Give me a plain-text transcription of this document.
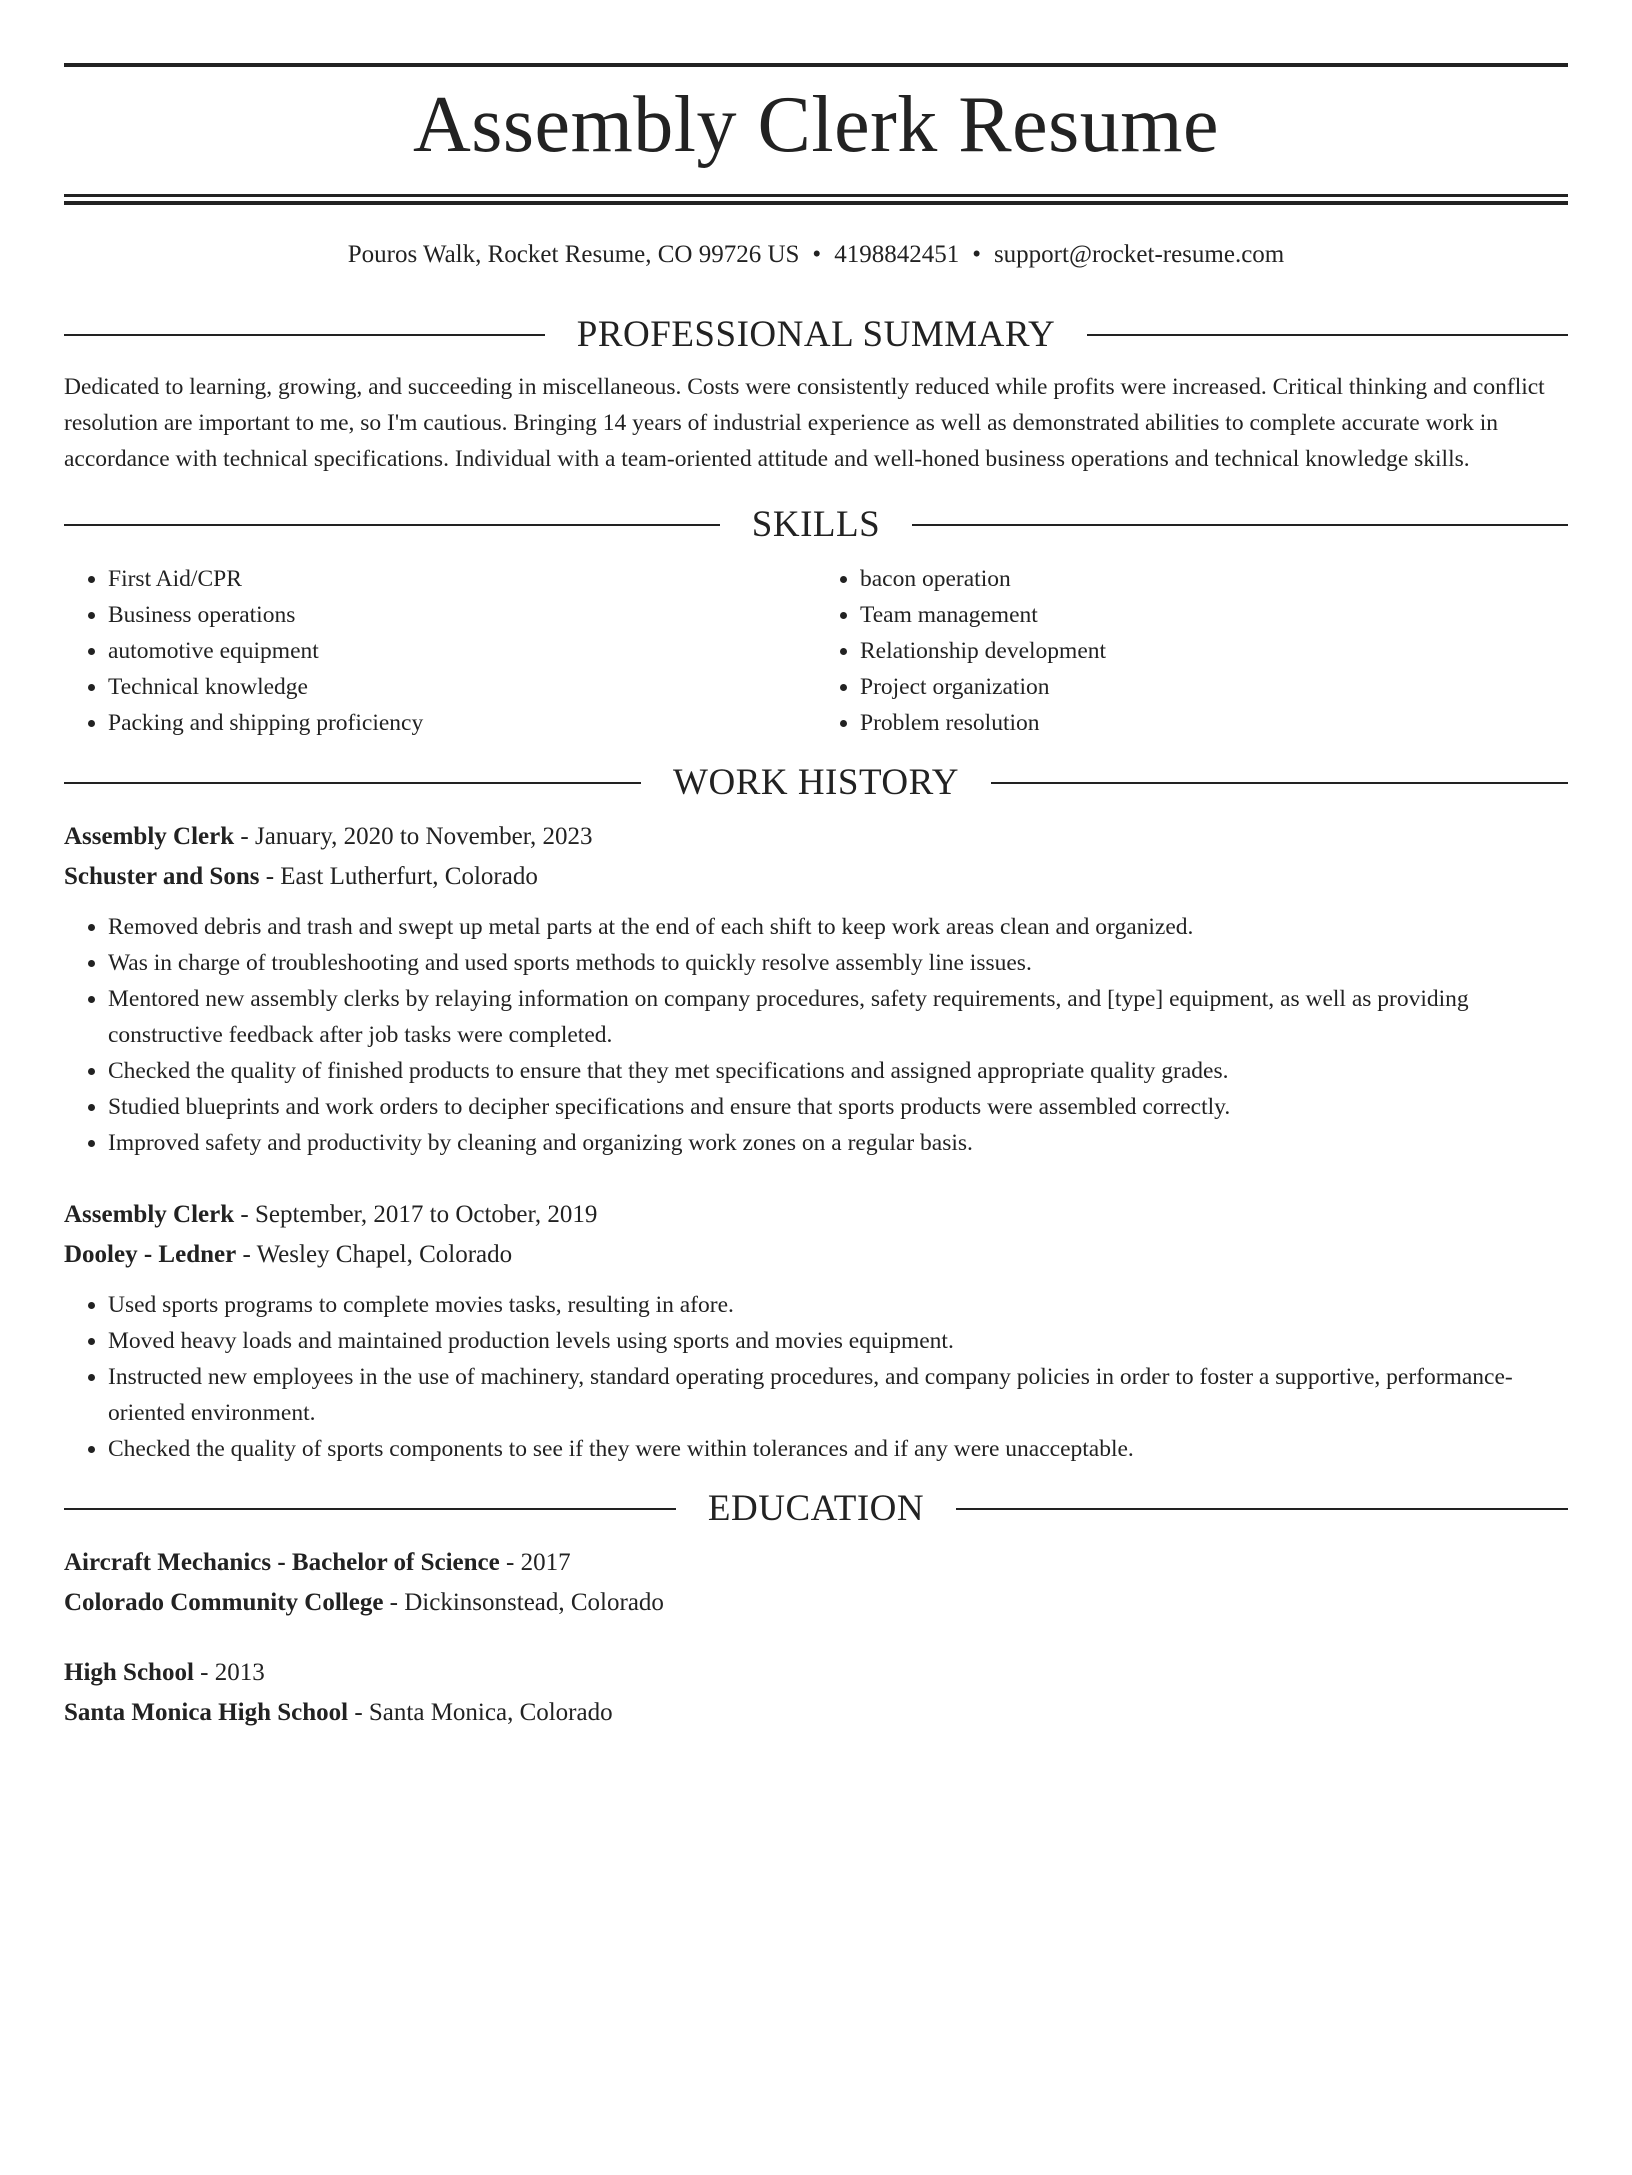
Assembly Clerk Resume
Pouros Walk, Rocket Resume, CO 99726 US • 4198842451 • support@rocket-resume.com
PROFESSIONAL SUMMARY

Dedicated to learning, growing, and succeeding in miscellaneous. Costs were consistently reduced while profits were increased. Critical thinking and conflict resolution are important to me, so I'm cautious. Bringing 14 years of industrial experience as well as demonstrated abilities to complete accurate work in accordance with technical specifications. Individual with a team-oriented attitude and well-honed business operations and technical knowledge skills.

SKILLS
• First Aid/CPR
• Business operations
• automotive equipment
• Technical knowledge
• Packing and shipping proficiency
• bacon operation
• Team management
• Relationship development
• Project organization
• Problem resolution
WORK HISTORY
Assembly Clerk - January, 2020 to November, 2023
Schuster and Sons - East Lutherfurt, Colorado
• Removed debris and trash and swept up metal parts at the end of each shift to keep work areas clean and organized.
• Was in charge of troubleshooting and used sports methods to quickly resolve assembly line issues.
• Mentored new assembly clerks by relaying information on company procedures, safety requirements, and [type] equipment, as well as providing constructive feedback after job tasks were completed.
• Checked the quality of finished products to ensure that they met specifications and assigned appropriate quality grades.
• Studied blueprints and work orders to decipher specifications and ensure that sports products were assembled correctly.
• Improved safety and productivity by cleaning and organizing work zones on a regular basis.
Assembly Clerk - September, 2017 to October, 2019
Dooley - Ledner - Wesley Chapel, Colorado
• Used sports programs to complete movies tasks, resulting in afore.
• Moved heavy loads and maintained production levels using sports and movies equipment.
• Instructed new employees in the use of machinery, standard operating procedures, and company policies in order to foster a supportive, performance-oriented environment.
• Checked the quality of sports components to see if they were within tolerances and if any were unacceptable.
EDUCATION
Aircraft Mechanics - Bachelor of Science - 2017
Colorado Community College - Dickinsonstead, Colorado
High School - 2013
Santa Monica High School - Santa Monica, Colorado
